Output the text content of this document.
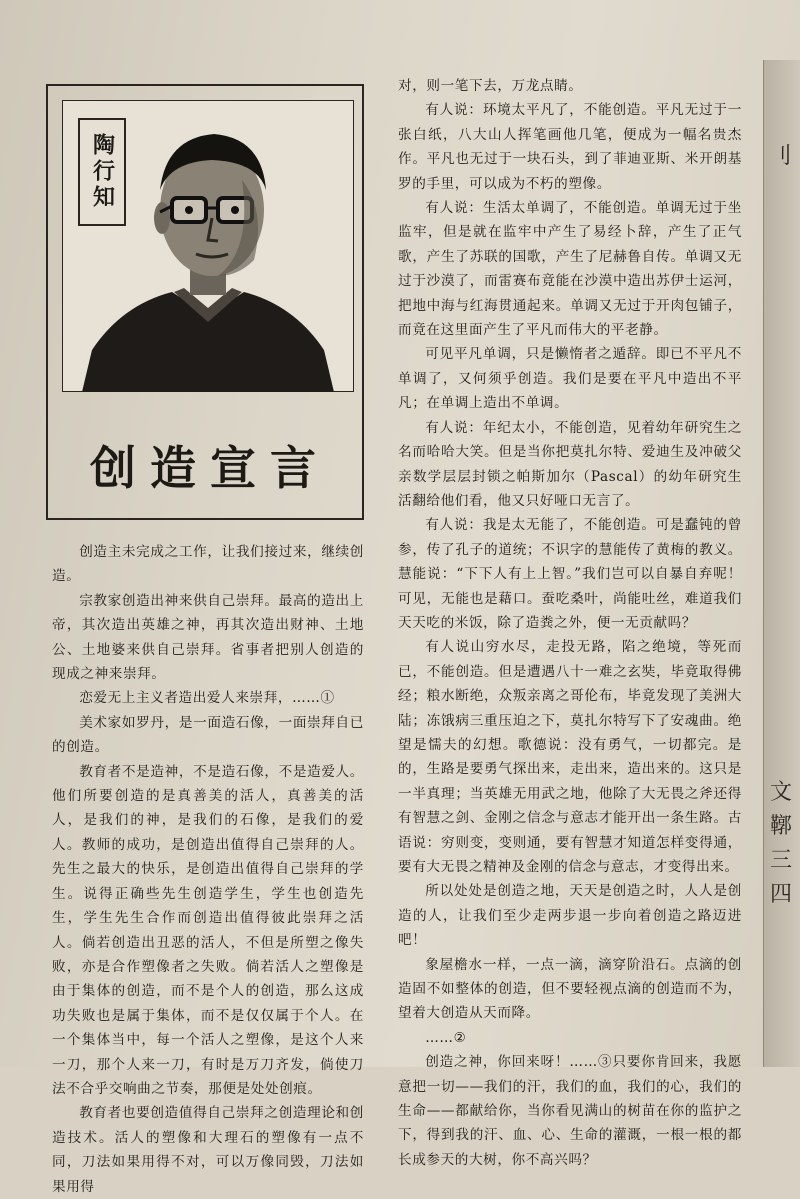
刂
文
鞹
三
四
陶行知
创造宣言

创造主未完成之工作，让我们接过来，继续创造。

宗教家创造出神来供自己崇拜。最高的造出上帝，其次造出英雄之神，再其次造出财神、土地公、土地婆来供自己崇拜。省事者把别人创造的现成之神来崇拜。

恋爱无上主义者造出爱人来崇拜，……①

美术家如罗丹，是一面造石像，一面崇拜自已的创造。

教育者不是造神，不是造石像，不是造爱人。他们所要创造的是真善美的活人，真善美的活人，是我们的神，是我们的石像，是我们的爱人。教师的成功，是创造出值得自己崇拜的人。先生之最大的快乐，是创造出值得自己崇拜的学生。说得正确些先生创造学生，学生也创造先生，学生先生合作而创造出值得彼此崇拜之活人。倘若创造出丑恶的活人，不但是所塑之像失败，亦是合作塑像者之失败。倘若活人之塑像是由于集体的创造，而不是个人的创造，那么这成功失败也是属于集体，而不是仅仅属于个人。在一个集体当中，每一个活人之塑像，是这个人来一刀，那个人来一刀，有时是万刀齐发，倘使刀法不合乎交响曲之节奏，那便是处处创痕。

教育者也要创造值得自己崇拜之创造理论和创造技术。活人的塑像和大理石的塑像有一点不同，刀法如果用得不对，可以万像同毁，刀法如果用得

对，则一笔下去，万龙点睛。

有人说：环境太平凡了，不能创造。平凡无过于一张白纸，八大山人挥笔画他几笔，便成为一幅名贵杰作。平凡也无过于一块石头，到了菲迪亚斯、米开朗基罗的手里，可以成为不朽的塑像。

有人说：生活太单调了，不能创造。单调无过于坐监牢，但是就在监牢中产生了易经卜辞，产生了正气歌，产生了苏联的国歌，产生了尼赫鲁自传。单调又无过于沙漠了，而雷赛布竟能在沙漠中造出苏伊士运河，把地中海与红海贯通起来。单调又无过于开肉包铺子，而竟在这里面产生了平凡而伟大的平老静。

可见平凡单调，只是懒惰者之遁辞。即已不平凡不单调了，又何须乎创造。我们是要在平凡中造出不平凡；在单调上造出不单调。

有人说：年纪太小，不能创造，见着幼年研究生之名而哈哈大笑。但是当你把莫扎尔特、爱迪生及冲破父亲数学层层封锁之帕斯加尔（Pascal）的幼年研究生活翻给他们看，他又只好哑口无言了。

有人说：我是太无能了，不能创造。可是蠢钝的曾参，传了孔子的道统；不识字的慧能传了黄梅的教义。慧能说：“下下人有上上智。”我们岂可以自暴自弃呢！可见，无能也是藉口。蚕吃桑叶，尚能吐丝，难道我们天天吃的米饭，除了造粪之外，便一无贡献吗？

有人说山穷水尽，走投无路，陷之绝境，等死而已，不能创造。但是遭遇八十一难之玄奘，毕竟取得佛经；粮水断绝，众叛亲离之哥伦布，毕竟发现了美洲大陆；冻饿病三重压迫之下，莫扎尔特写下了安魂曲。绝望是懦夫的幻想。歌德说：没有勇气，一切都完。是的，生路是要勇气探出来，走出来，造出来的。这只是一半真理；当英雄无用武之地，他除了大无畏之斧还得有智慧之剑、金刚之信念与意志才能开出一条生路。古语说：穷则变，变则通，要有智慧才知道怎样变得通，要有大无畏之精神及金刚的信念与意志，才变得出来。

所以处处是创造之地，天天是创造之时，人人是创造的人，让我们至少走两步退一步向着创造之路迈进吧！

象屋檐水一样，一点一滴，滴穿阶沿石。点滴的创造固不如整体的创造，但不要轻视点滴的创造而不为，望着大创造从天而降。

……②

创造之神，你回来呀！……③只要你肯回来，我愿意把一切——我们的汗，我们的血，我们的心，我们的生命——都献给你，当你看见满山的树苗在你的监护之下，得到我的汗、血、心、生命的灌溉，一根一根的都长成参天的大树，你不高兴吗？
